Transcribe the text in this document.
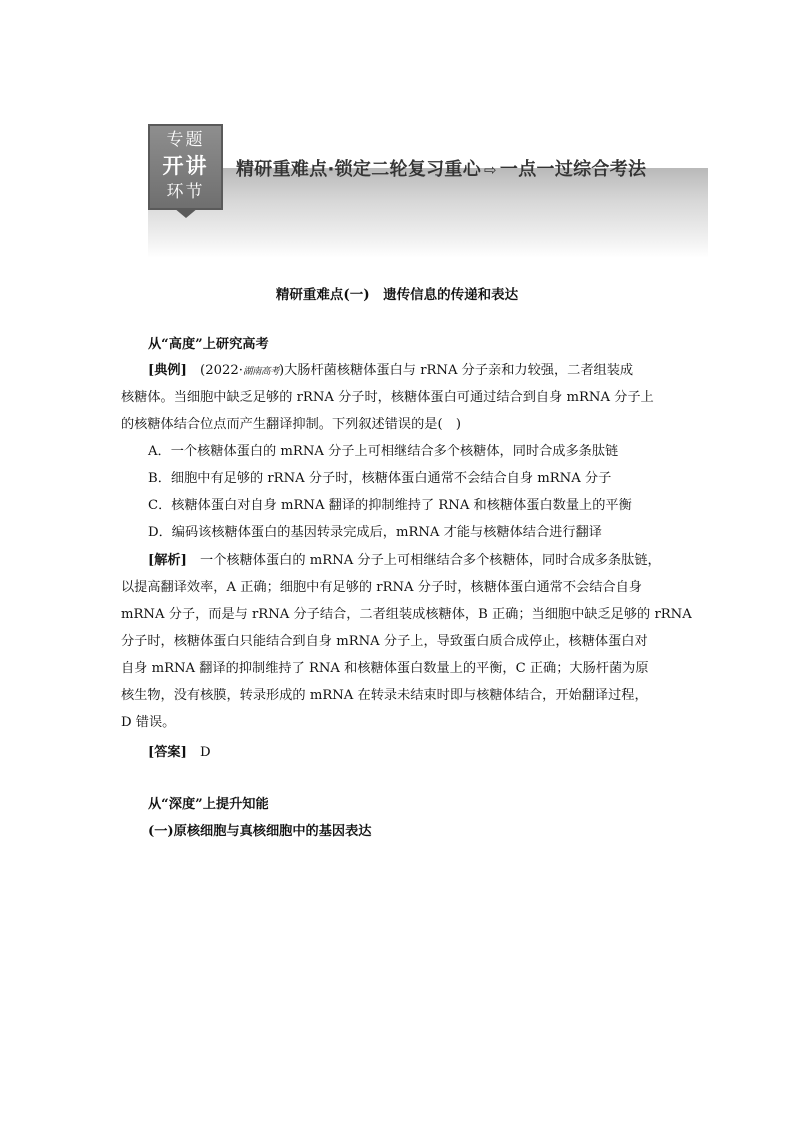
专题
开讲
环节
精研重难点·锁定二轮复习重心 ⇨ 一点一过综合考法
精研重难点(一)　遗传信息的传递和表达

从“高度”上研究高考

[典例]　 (2022·湖南高考)大肠杆菌核糖体蛋白与 rRNA 分子亲和力较强，二者组装成

核糖体。当细胞中缺乏足够的 rRNA 分子时，核糖体蛋白可通过结合到自身 mRNA 分子上

的核糖体结合位点而产生翻译抑制。下列叙述错误的是(　)

A．一个核糖体蛋白的 mRNA 分子上可相继结合多个核糖体，同时合成多条肽链

B．细胞中有足够的 rRNA 分子时，核糖体蛋白通常不会结合自身 mRNA 分子

C．核糖体蛋白对自身 mRNA 翻译的抑制维持了 RNA 和核糖体蛋白数量上的平衡

D．编码该核糖体蛋白的基因转录完成后，mRNA 才能与核糖体结合进行翻译

[解析]　 一个核糖体蛋白的 mRNA 分子上可相继结合多个核糖体，同时合成多条肽链，

以提高翻译效率，A 正确；细胞中有足够的 rRNA 分子时，核糖体蛋白通常不会结合自身

mRNA 分子，而是与 rRNA 分子结合，二者组装成核糖体，B 正确；当细胞中缺乏足够的 rRNA

分子时，核糖体蛋白只能结合到自身 mRNA 分子上，导致蛋白质合成停止，核糖体蛋白对

自身 mRNA 翻译的抑制维持了 RNA 和核糖体蛋白数量上的平衡，C 正确；大肠杆菌为原

核生物，没有核膜，转录形成的 mRNA 在转录未结束时即与核糖体结合，开始翻译过程，

D 错误。

[答案]　 D

从“深度”上提升知能

(一)原核细胞与真核细胞中的基因表达
